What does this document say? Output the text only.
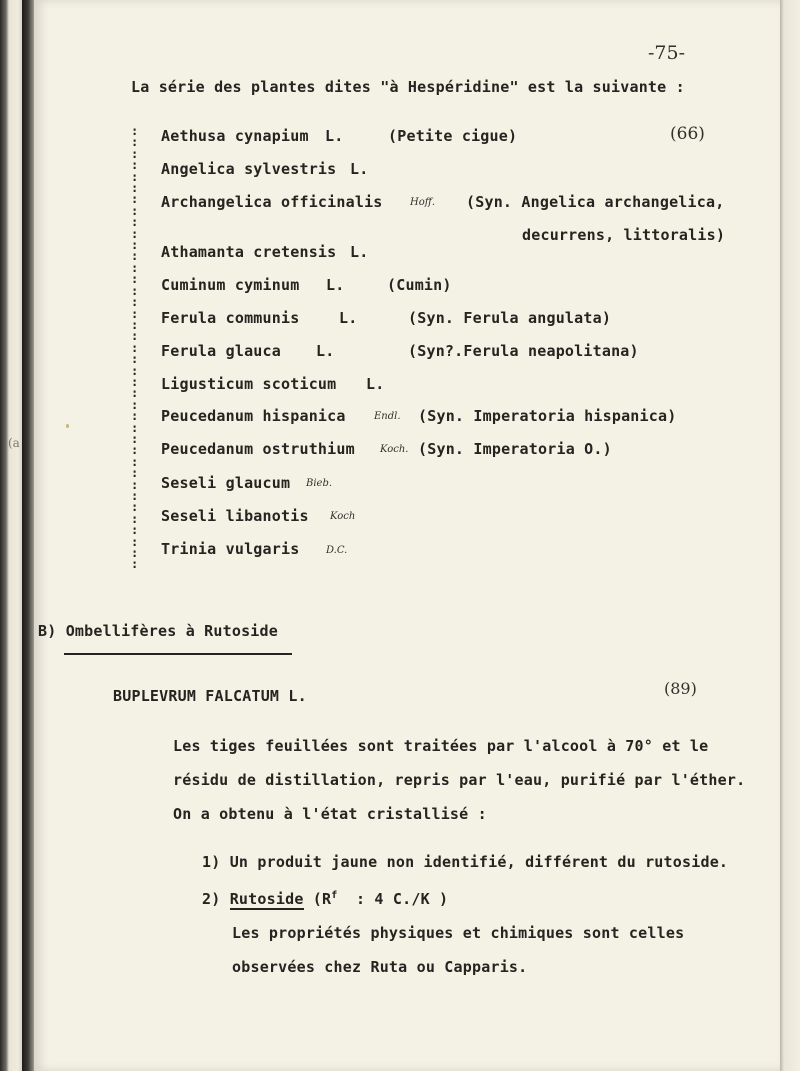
(a
-75-
La série des plantes dites "à Hespéridine" est la suivante :
:
:
:
:
:
:
:
:
:
:
:
:
:
:
:
:
:
:
:
:
:
:
:
:
:
:
:
:
:
:
:
:
:
:
:
:
:
:
:
Aethusa cynapium L.	(Petite cigue)	(66)
Angelica sylvestris L.
Archangelica officinalis	Hoff. (Syn. Angelica archangelica,
decurrens, littoralis)
Athamanta cretensis L.
Cuminum cyminum L.	(Cumin)
Ferula communis	L.	(Syn. Ferula angulata)
Ferula glauca L.	(Syn?.Ferula neapolitana)
Ligusticum scoticum L.
Peucedanum hispanica	Endl. (Syn. Imperatoria hispanica)
Peucedanum ostruthium	Koch. (Syn. Imperatoria O.)
Seseli glaucum Bieb.
Seseli libanotis Koch
Trinia vulgaris	D.C.
B) Ombellifères à Rutoside
BUPLEVRUM FALCATUM L.	(89)
Les tiges feuillées sont traitées par l'alcool à 70° et le
résidu de distillation, repris par l'eau, purifié par l'éther.
On a obtenu à l'état cristallisé :
1) Un produit jaune non identifié, différent du rutoside.
2) Rutoside ($R^f$  : 4 C./K )
Les propriétés physiques et chimiques sont celles
observées chez Ruta ou Capparis.
